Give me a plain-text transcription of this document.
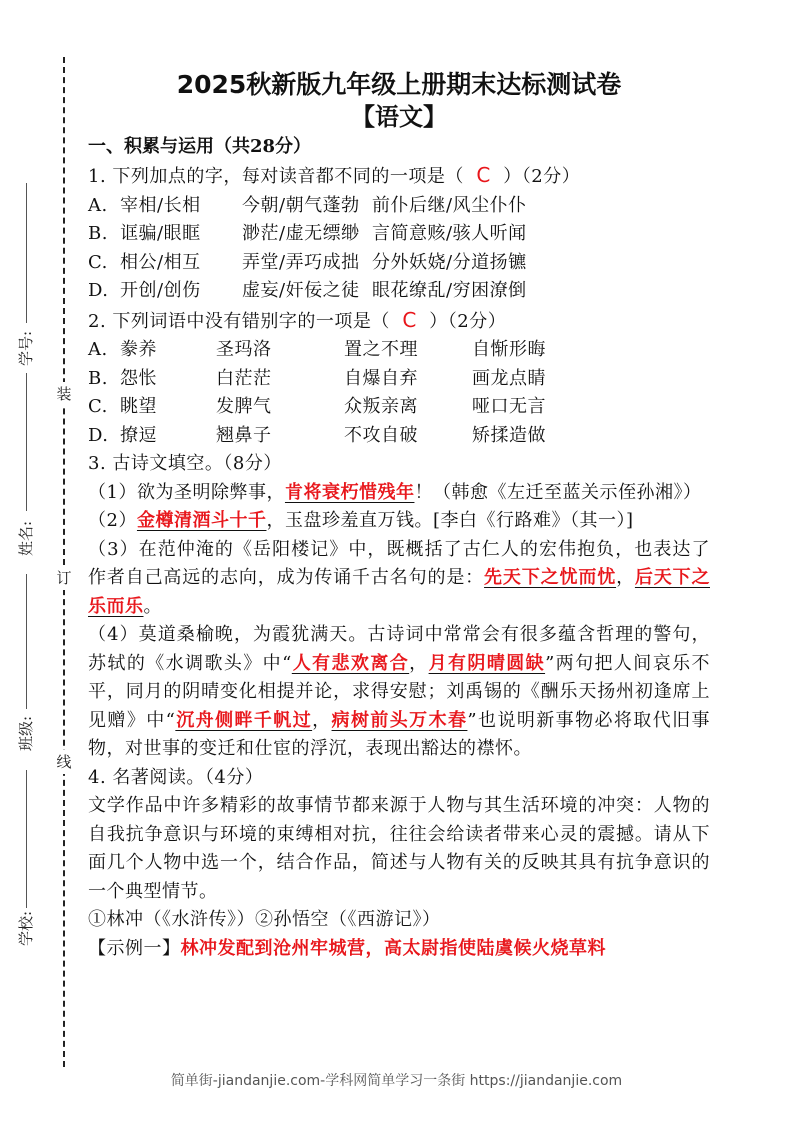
装
订
线
学号:
姓名:
班级:
学校:
2025秋新版九年级上册期末达标测试卷
【语文】

一、积累与运用（共28分）

1. 下列加点的字，每对读音都不同的一项是（ C ）（2分）

A. 宰相/长相	今朝/朝气蓬勃 前仆后继/风尘仆仆
B. 诓骗/眼眶	渺茫/虚无缥缈 言简意赅/骇人听闻
C. 相公/相互	弄堂/弄巧成拙 分外妖娆/分道扬镳
D. 开创/创伤	虚妄/奸佞之徒 眼花缭乱/穷困潦倒

2. 下列词语中没有错别字的一项是（ C ）（2分）

A. 豢养	圣玛洛	置之不理	自惭形晦
B. 怨怅	白茫茫	自爆自弃	画龙点睛
C. 眺望	发脾气	众叛亲离	哑口无言
D. 撩逗	翘鼻子	不攻自破	矫揉造做

3. 古诗文填空。（8分）

（1）欲为圣明除弊事，肯将衰朽惜残年！（韩愈《左迁至蓝关示侄孙湘》）

（2）金樽清酒斗十千，玉盘珍羞直万钱。[李白《行路难》（其一）]

（3）在范仲淹的《岳阳楼记》中，既概括了古仁人的宏伟抱负，也表达了作者自己高远的志向，成为传诵千古名句的是：先天下之忧而忧，后天下之乐而乐。

（4）莫道桑榆晚，为霞犹满天。古诗词中常常会有很多蕴含哲理的警句，苏轼的《水调歌头》中“人有悲欢离合，月有阴晴圆缺”两句把人间哀乐不平，同月的阴晴变化相提并论，求得安慰；刘禹锡的《酬乐天扬州初逢席上见赠》中“沉舟侧畔千帆过，病树前头万木春”也说明新事物必将取代旧事物，对世事的变迁和仕宦的浮沉，表现出豁达的襟怀。

4. 名著阅读。（4分）

文学作品中许多精彩的故事情节都来源于人物与其生活环境的冲突：人物的自我抗争意识与环境的束缚相对抗，往往会给读者带来心灵的震撼。请从下面几个人物中选一个，结合作品，简述与人物有关的反映其具有抗争意识的一个典型情节。

①林冲（《水浒传》）②孙悟空（《西游记》）

【示例一】林冲发配到沧州牢城营，高太尉指使陆虞候火烧草料

简单街-jiandanjie.com-学科网简单学习一条街 https://jiandanjie.com
